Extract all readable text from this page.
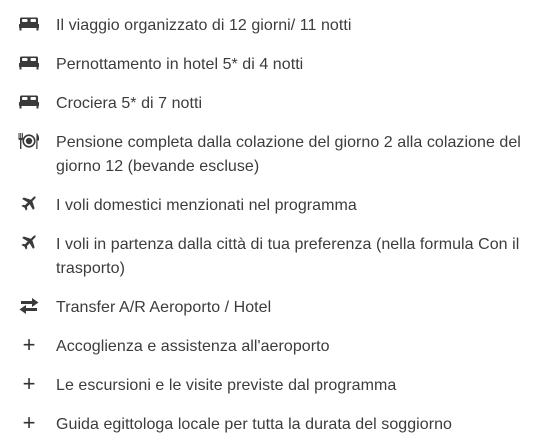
Il viaggio organizzato di 12 giorni/ 11 notti
Pernottamento in hotel 5* di 4 notti
Crociera 5* di 7 notti
Pensione completa dalla colazione del giorno 2 alla colazione del giorno 12 (bevande escluse)
I voli domestici menzionati nel programma
I voli in partenza dalla città di tua preferenza (nella formula Con il trasporto)
Transfer A/R Aeroporto / Hotel
+ Accoglienza e assistenza all'aeroporto
+ Le escursioni e le visite previste dal programma
+ Guida egittologa locale per tutta la durata del soggiorno
